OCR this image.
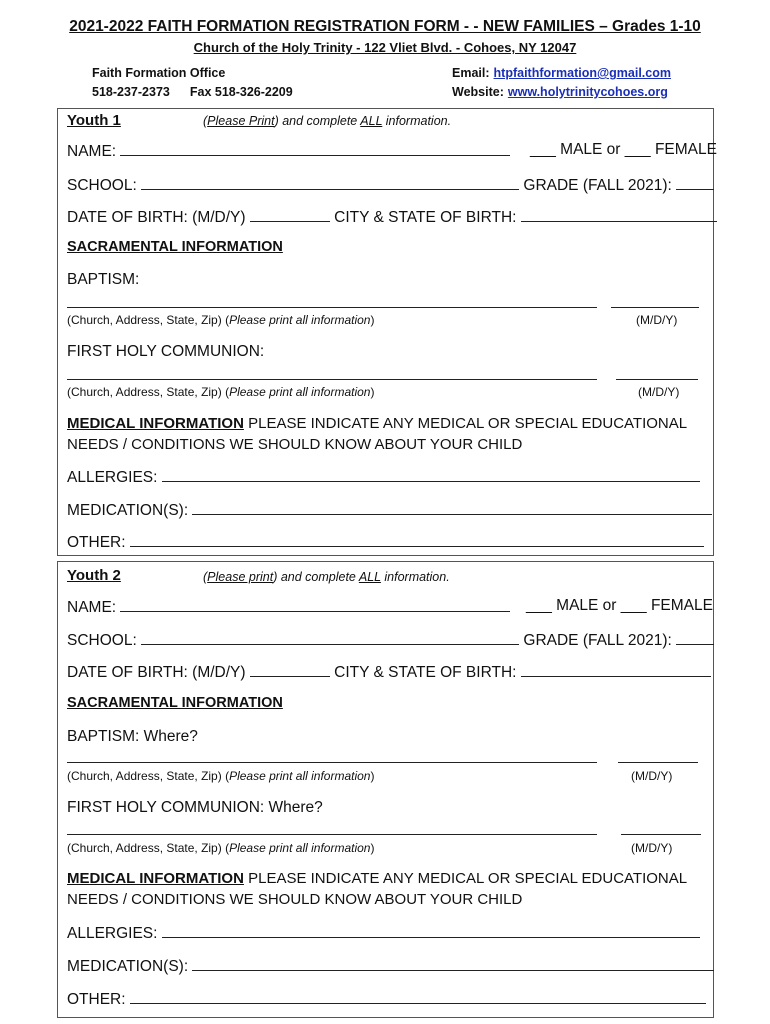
2021-2022 FAITH FORMATION REGISTRATION FORM - - NEW FAMILIES – Grades 1-10
Church of the Holy Trinity - 122 Vliet Blvd. - Cohoes, NY 12047
Faith Formation Office
518-237-2373 Fax 518-326-2209
Email: htpfaithformation@gmail.com
Website: www.holytrinitycohoes.org
Youth 1	(Please Print) and complete ALL information.
NAME:	___ MALE or ___ FEMALE
SCHOOL:	GRADE (FALL 2021):
DATE OF BIRTH: (M/D/Y)	CITY & STATE OF BIRTH:
SACRAMENTAL INFORMATION
BAPTISM:
(Church, Address, State, Zip) (Please print all information)	(M/D/Y)
FIRST HOLY COMMUNION:
(Church, Address, State, Zip) (Please print all information)	(M/D/Y)
MEDICAL INFORMATION PLEASE INDICATE ANY MEDICAL OR SPECIAL EDUCATIONAL NEEDS / CONDITIONS WE SHOULD KNOW ABOUT YOUR CHILD
ALLERGIES:
MEDICATION(S):
OTHER:
Youth 2	(Please print) and complete ALL information.
NAME:	___ MALE or ___ FEMALE
SCHOOL:	GRADE (FALL 2021):
DATE OF BIRTH: (M/D/Y)	CITY & STATE OF BIRTH:
SACRAMENTAL INFORMATION
BAPTISM: Where?
(Church, Address, State, Zip) (Please print all information)	(M/D/Y)
FIRST HOLY COMMUNION: Where?
(Church, Address, State, Zip) (Please print all information)	(M/D/Y)
MEDICAL INFORMATION PLEASE INDICATE ANY MEDICAL OR SPECIAL EDUCATIONAL NEEDS / CONDITIONS WE SHOULD KNOW ABOUT YOUR CHILD
ALLERGIES:
MEDICATION(S):
OTHER:
